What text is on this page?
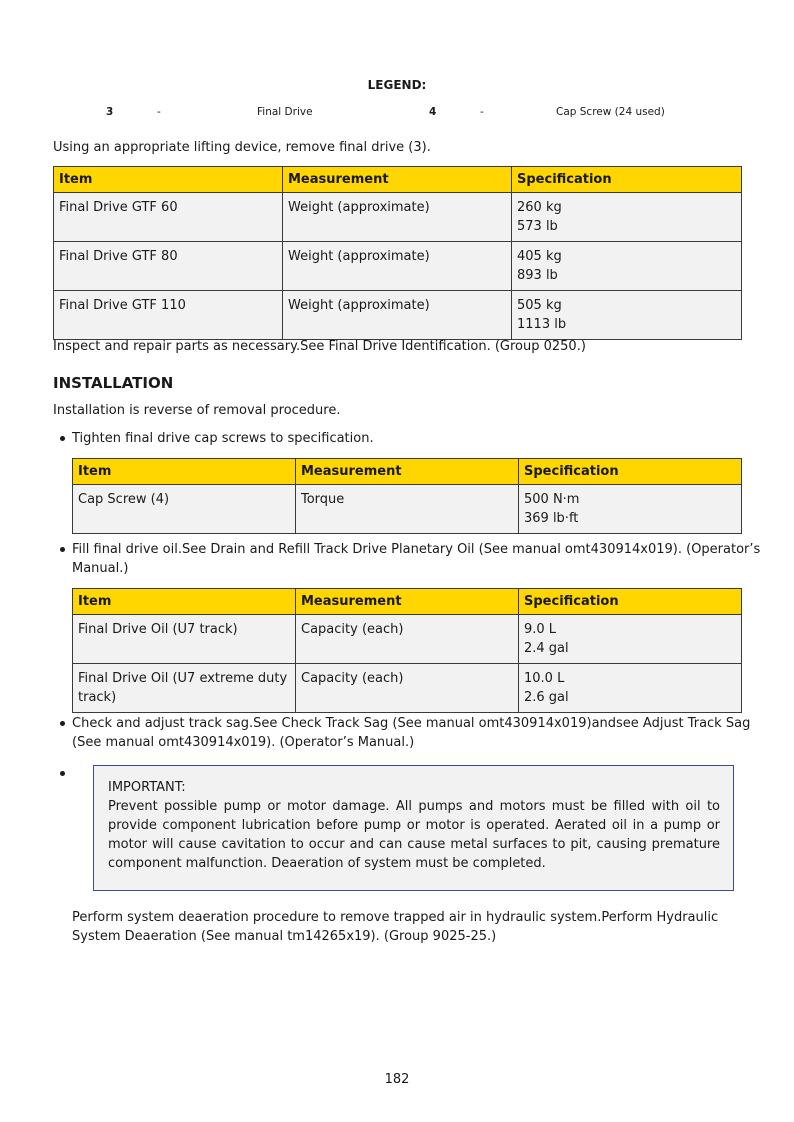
LEGEND:
3	-	Final Drive	4	-	Cap Screw (24 used)
Using an appropriate lifting device, remove final drive (3).
Item	Measurement	Specification
Final Drive GTF 60	Weight (approximate)	260 kg
573 lb

Final Drive GTF 80	Weight (approximate)	405 kg
893 lb

Final Drive GTF 110	Weight (approximate)	505 kg
1113 lb
Inspect and repair parts as necessary.See Final Drive Identification. (Group 0250.)
INSTALLATION
Installation is reverse of removal procedure.
Tighten final drive cap screws to specification.
Item	Measurement	Specification
Cap Screw (4)	Torque	500 N·m
369 lb·ft
Fill final drive oil.See Drain and Refill Track Drive Planetary Oil (See manual omt430914x019). (Operator’s
Manual.)
Item	Measurement	Specification

Final Drive Oil (U7 track)	Capacity (each)	9.0 L
2.4 gal

Final Drive Oil (U7 extreme duty
track)	Capacity (each)	10.0 L
2.6 gal
Check and adjust track sag.See Check Track Sag (See manual omt430914x019)andsee Adjust Track Sag
(See manual omt430914x019). (Operator’s Manual.)
IMPORTANT:
Prevent possible pump or motor damage. All pumps and motors must be filled with oil to provide component lubrication before pump or motor is operated. Aerated oil in a pump or motor will cause cavitation to occur and can cause metal surfaces to pit, causing premature component malfunction. Deaeration of system must be completed.
Perform system deaeration procedure to remove trapped air in hydraulic system.Perform Hydraulic
System Deaeration (See manual tm14265x19). (Group 9025-25.)
182
